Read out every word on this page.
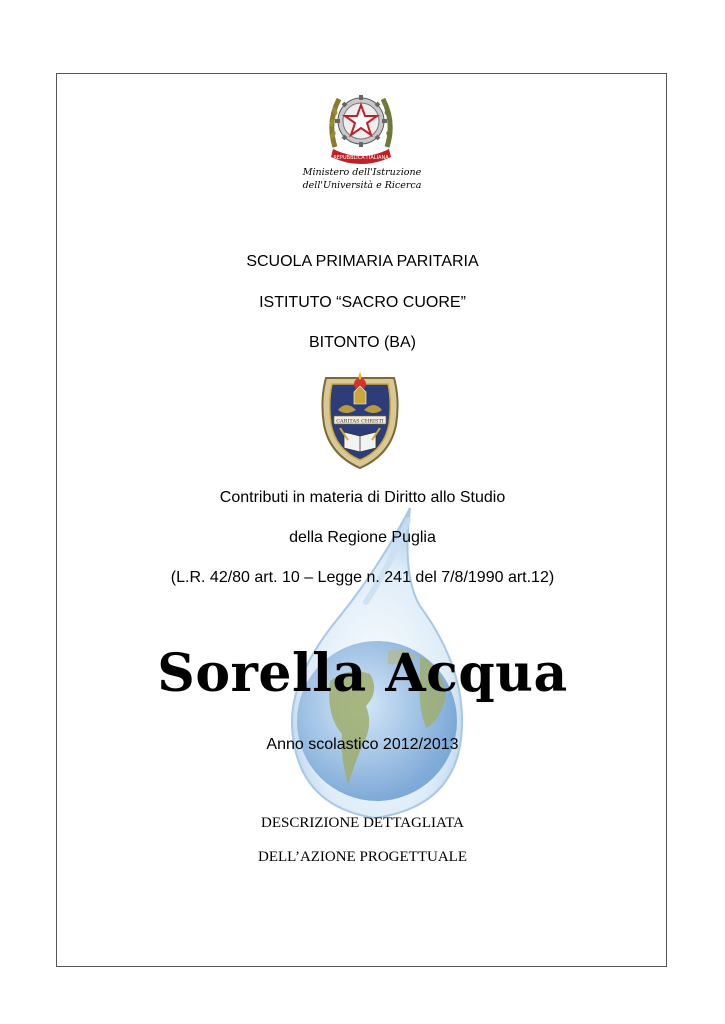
REPUBBLICA ITALIANA
Ministero dell'Istruzione
dell'Università e Ricerca
SCUOLA PRIMARIA PARITARIA
ISTITUTO “SACRO CUORE”
BITONTO (BA)
CARITAS CHRISTI
Contributi in materia di Diritto allo Studio
della Regione Puglia
(L.R. 42/80 art. 10 – Legge n. 241 del 7/8/1990 art.12)
Sorella Acqua
Anno scolastico 2012/2013
DESCRIZIONE DETTAGLIATA
DELL’AZIONE PROGETTUALE
